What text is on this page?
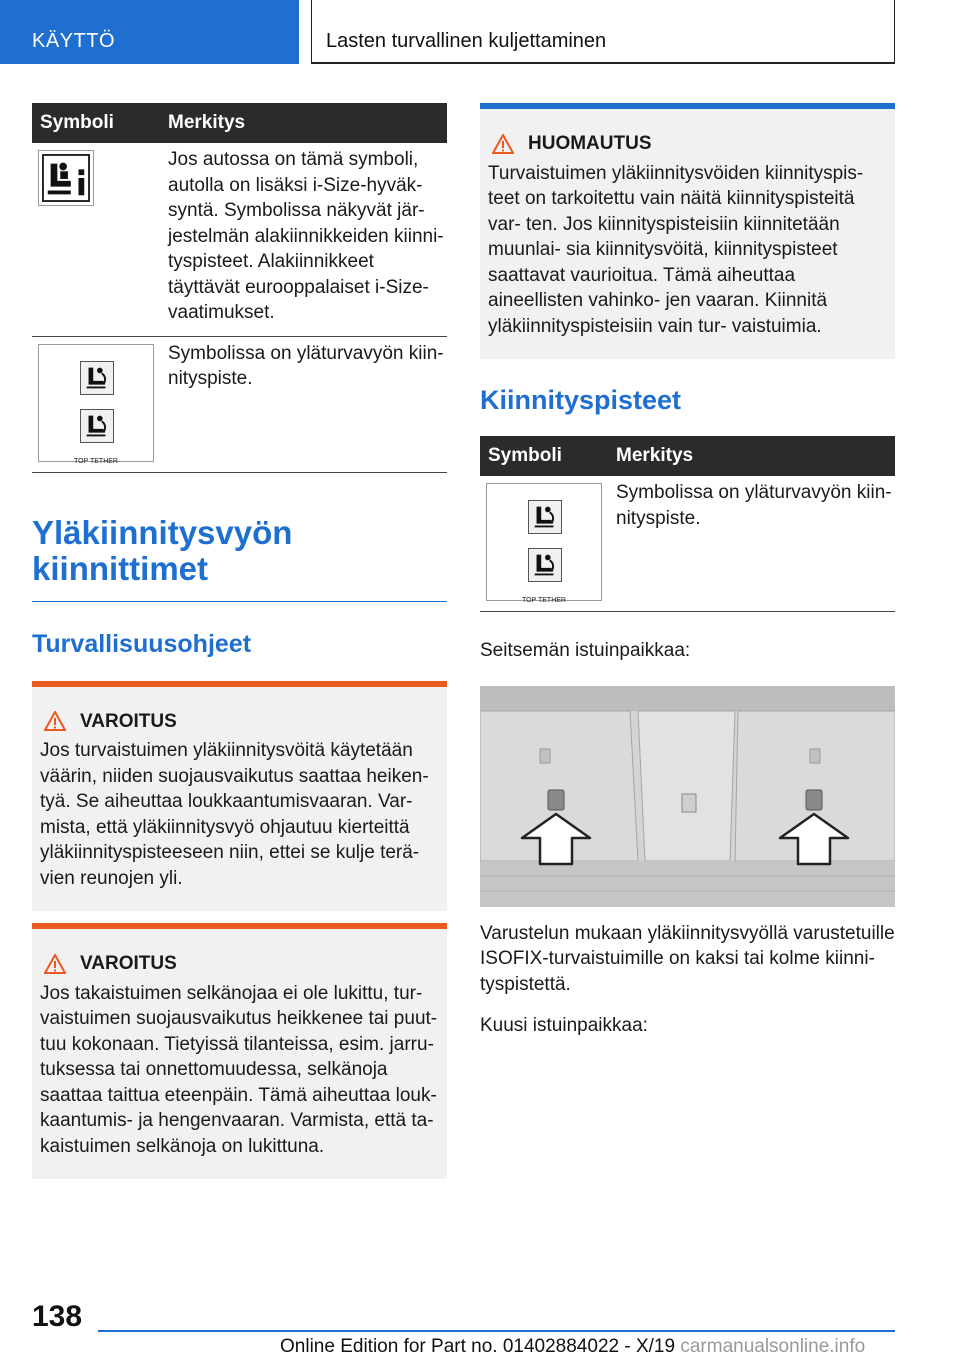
KÄYTTÖ	Lasten turvallinen kuljettaminen
Symboli	Merkitys

	Jos autossa on tämä symboli, autolla on lisäksi i-Size-hyväk- syntä. Symbolissa näkyvät jär- jestelmän alakiinnikkeiden kiinni- tyspisteet. Alakiinnikkeet täyttävät eurooppalaiset i-Size- vaatimukset.

TOP TETHER	Symbolissa on yläturvavyön kiin- nityspiste.
Yläkiinnitysvyön
kiinnittimet
Turvallisuusohjeet
VAROITUS
Jos turvaistuimen yläkiinnitysvöitä käytetään väärin, niiden suojausvaikutus saattaa heiken- tyä. Se aiheuttaa loukkaantumisvaaran. Var- mista, että yläkiinnitysvyö ohjautuu kierteittä yläkiinnityspisteeseen niin, ettei se kulje terä- vien reunojen yli.
VAROITUS
Jos takaistuimen selkänojaa ei ole lukittu, tur- vaistuimen suojausvaikutus heikkenee tai puut- tuu kokonaan. Tietyissä tilanteissa, esim. jarru- tuksessa tai onnettomuudessa, selkänoja saattaa taittua eteenpäin. Tämä aiheuttaa louk- kaantumis- ja hengenvaaran. Varmista, että ta- kaistuimen selkänoja on lukittuna.
HUOMAUTUS
Turvaistuimen yläkiinnitysvöiden kiinnityspis- teet on tarkoitettu vain näitä kiinnityspisteitä var- ten. Jos kiinnityspisteisiin kiinnitetään muunlai- sia kiinnitysvöitä, kiinnityspisteet saattavat vaurioitua. Tämä aiheuttaa aineellisten vahinko- jen vaaran. Kiinnitä yläkiinnityspisteisiin vain tur- vaistuimia.
Kiinnityspisteet
Symboli	Merkitys

TOP TETHER	Symbolissa on yläturvavyön kiin- nityspiste.

Seitsemän istuinpaikkaa:

Varustelun mukaan yläkiinnitysvyöllä varustetuille ISOFIX-turvaistuimille on kaksi tai kolme kiinni- tyspistettä.

Kuusi istuinpaikkaa:

138
Online Edition for Part no. 01402884022 - X/19 carmanualsonline.info
